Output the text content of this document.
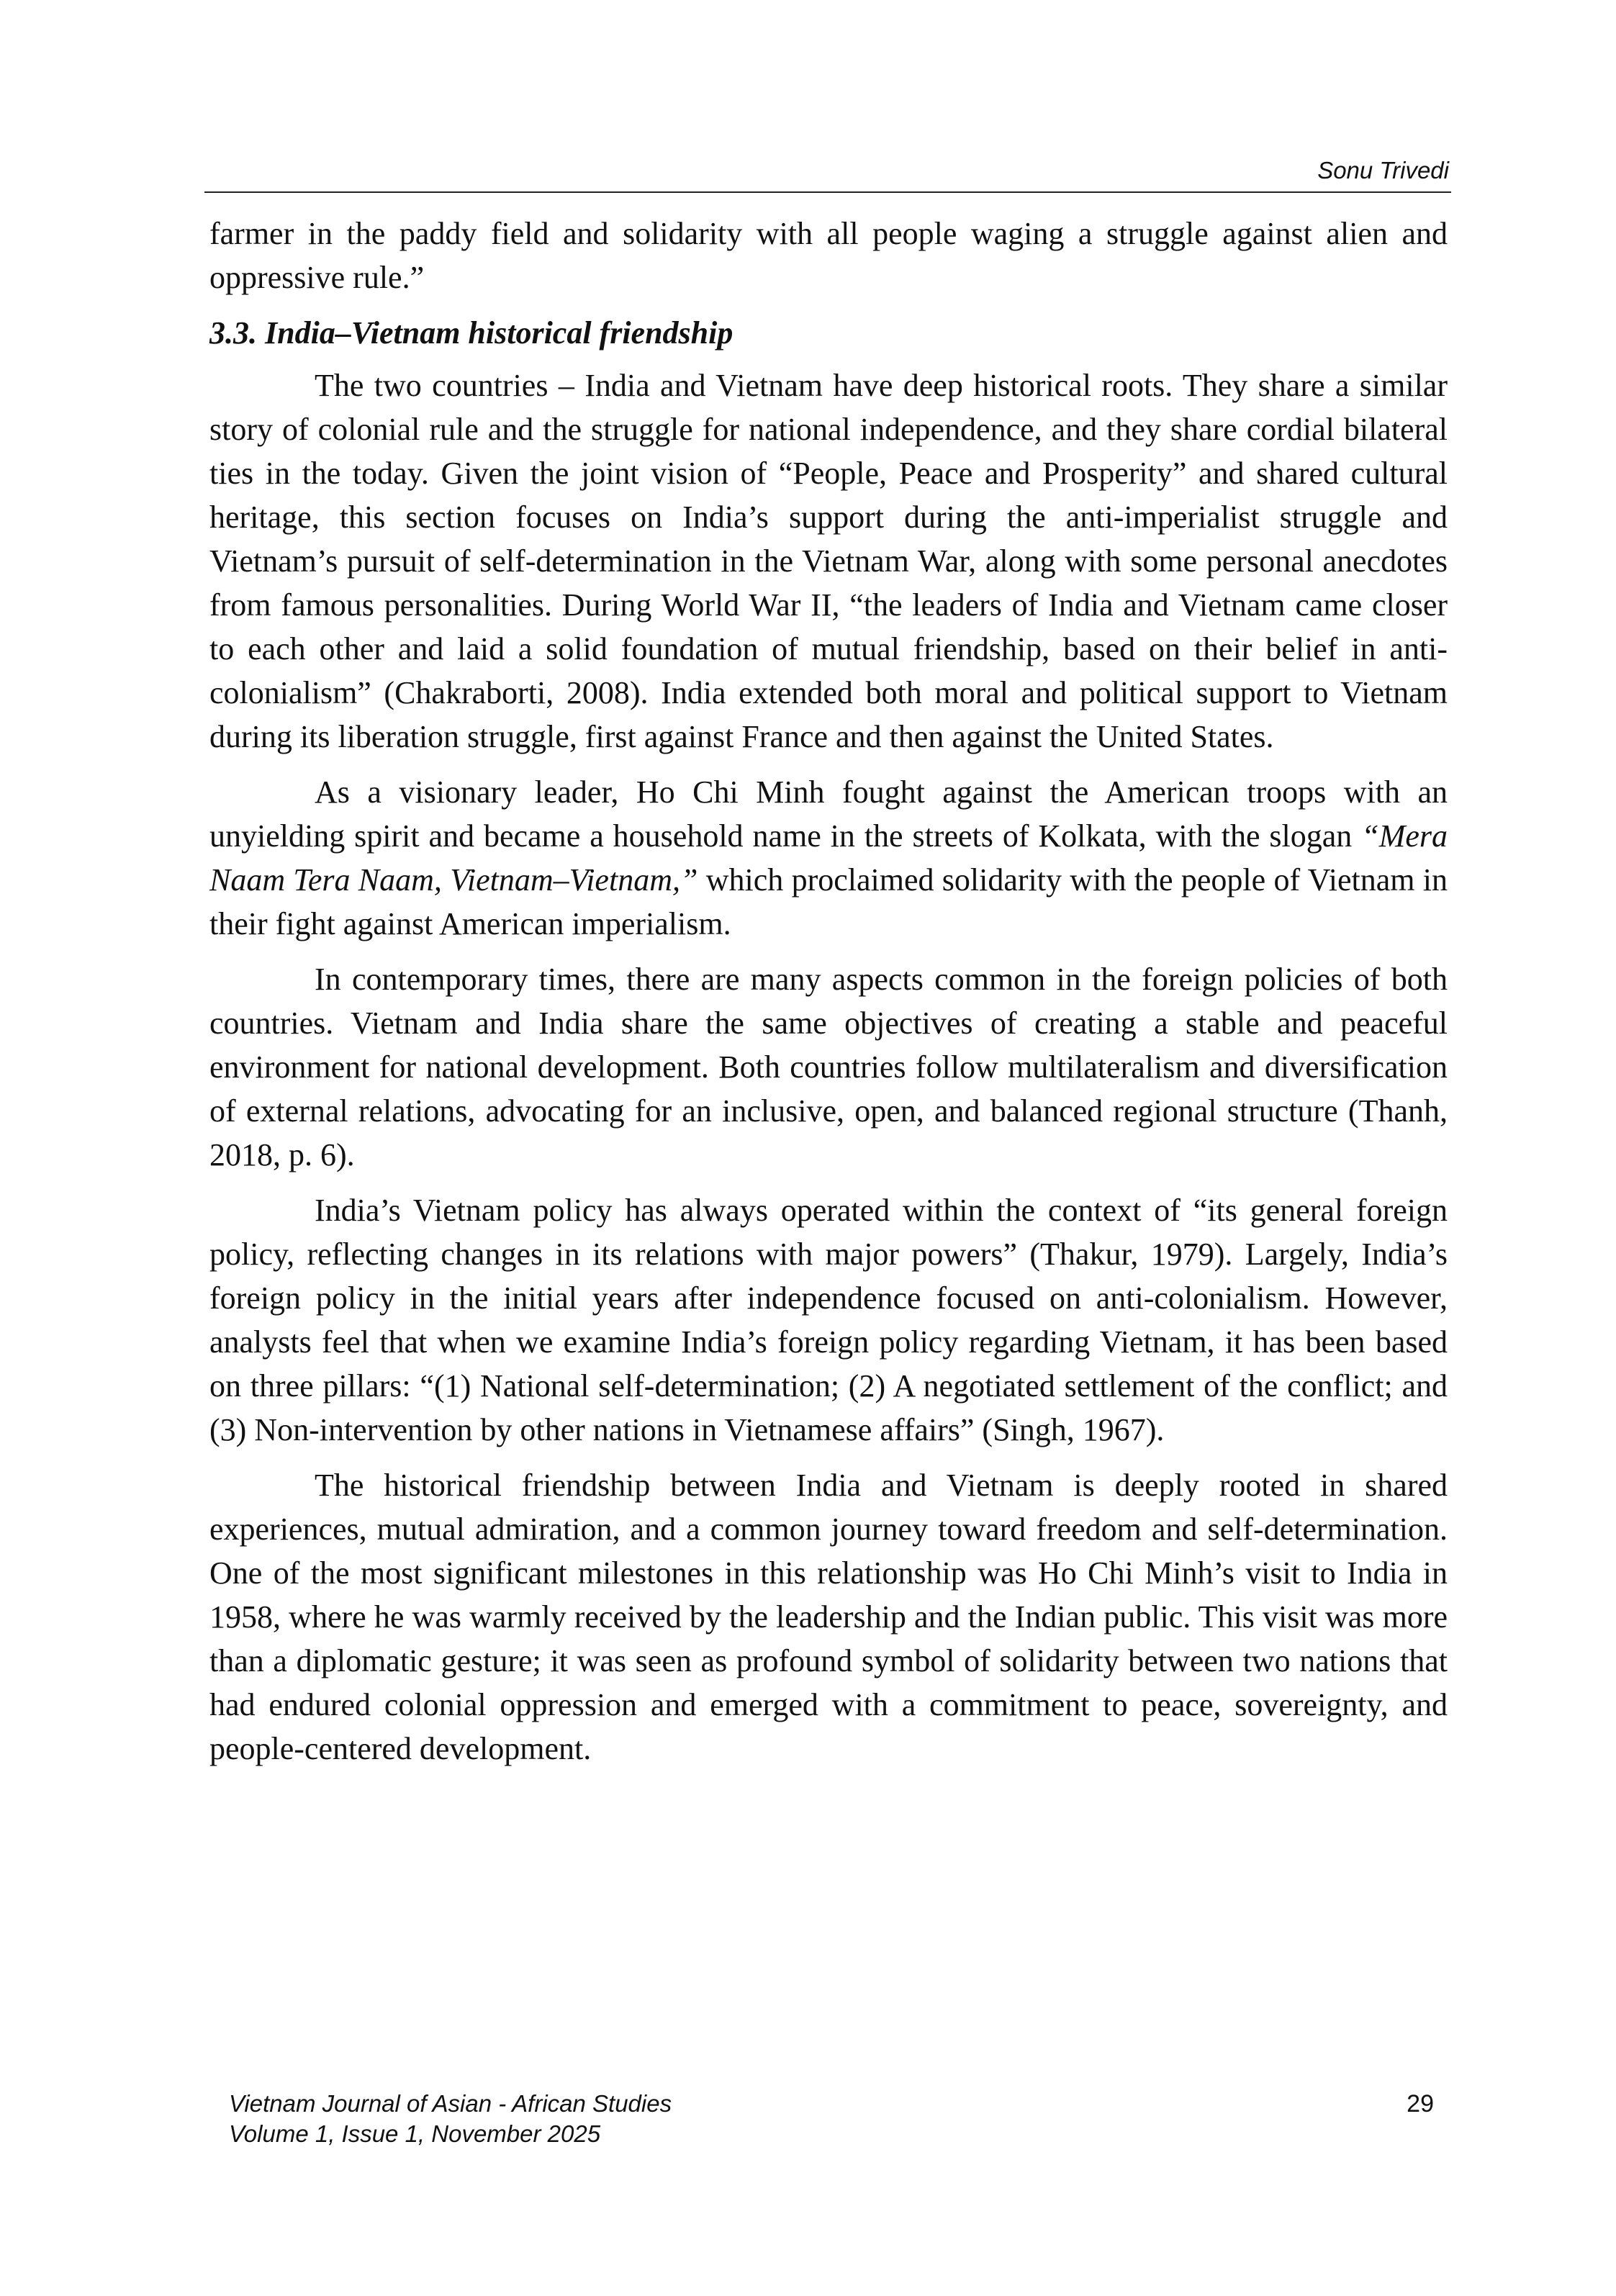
Sonu Trivedi

farmer in the paddy field and solidarity with all people waging a struggle against alien and oppressive rule.”

3.3. India–Vietnam historical friendship

The two countries – India and Vietnam have deep historical roots. They share a similar story of colonial rule and the struggle for national independence, and they share cordial bilateral ties in the today. Given the joint vision of “People, Peace and Prosperity” and shared cultural heritage, this section focuses on India’s support during the anti-imperialist struggle and Vietnam’s pursuit of self-determination in the Vietnam War, along with some personal anecdotes from famous personalities. During World War II, “the leaders of India and Vietnam came closer to each other and laid a solid foundation of mutual friendship, based on their belief in anti-colonialism” (Chakraborti, 2008). India extended both moral and political support to Vietnam during its liberation struggle, first against France and then against the United States.

As a visionary leader, Ho Chi Minh fought against the American troops with an unyielding spirit and became a household name in the streets of Kolkata, with the slogan “Mera Naam Tera Naam, Vietnam–Vietnam,” which proclaimed solidarity with the people of Vietnam in their fight against American imperialism.

In contemporary times, there are many aspects common in the foreign policies of both countries. Vietnam and India share the same objectives of creating a stable and peaceful environment for national development. Both countries follow multilateralism and diversification of external relations, advocating for an inclusive, open, and balanced regional structure (Thanh, 2018, p. 6).

India’s Vietnam policy has always operated within the context of “its general foreign policy, reflecting changes in its relations with major powers” (Thakur, 1979). Largely, India’s foreign policy in the initial years after independence focused on anti-colonialism. However, analysts feel that when we examine India’s foreign policy regarding Vietnam, it has been based on three pillars: “(1) National self-determination; (2) A negotiated settlement of the conflict; and (3) Non-intervention by other nations in Vietnamese affairs” (Singh, 1967).

The historical friendship between India and Vietnam is deeply rooted in shared experiences, mutual admiration, and a common journey toward freedom and self-determination. One of the most significant milestones in this relationship was Ho Chi Minh’s visit to India in 1958, where he was warmly received by the leadership and the Indian public. This visit was more than a diplomatic gesture; it was seen as profound symbol of solidarity between two nations that had endured colonial oppression and emerged with a commitment to peace, sovereignty, and people-centered development.

Vietnam Journal of Asian - African Studies
Volume 1, Issue 1, November 2025
29
